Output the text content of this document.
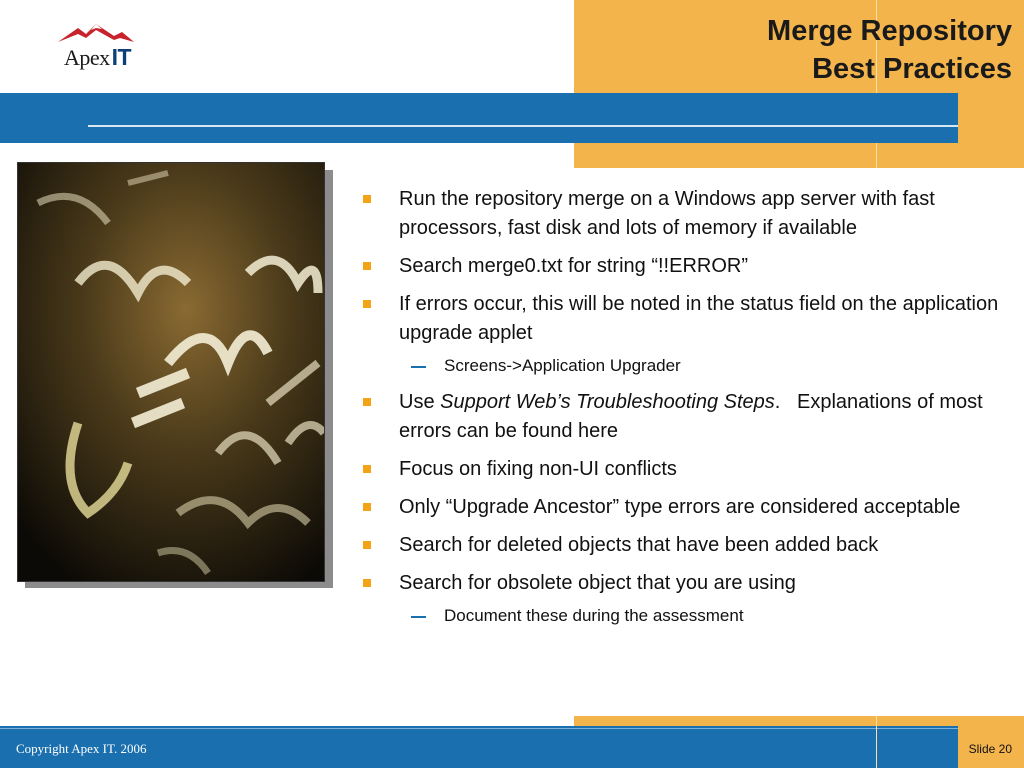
ApexIT
Merge Repository
Best Practices
Run the repository merge on a Windows app server with fast processors, fast disk and lots of memory if available
Search merge0.txt for string “!!ERROR”
If errors occur, this will be noted in the status field on the application upgrade applet
Screens->Application Upgrader
Use Support Web’s Troubleshooting Steps.   Explanations of most errors can be found here
Focus on fixing non-UI conflicts
Only “Upgrade Ancestor” type errors are considered acceptable
Search for deleted objects that have been added back
Search for obsolete object that you are using
Document these during the assessment
Copyright Apex IT. 2006	Slide 20
